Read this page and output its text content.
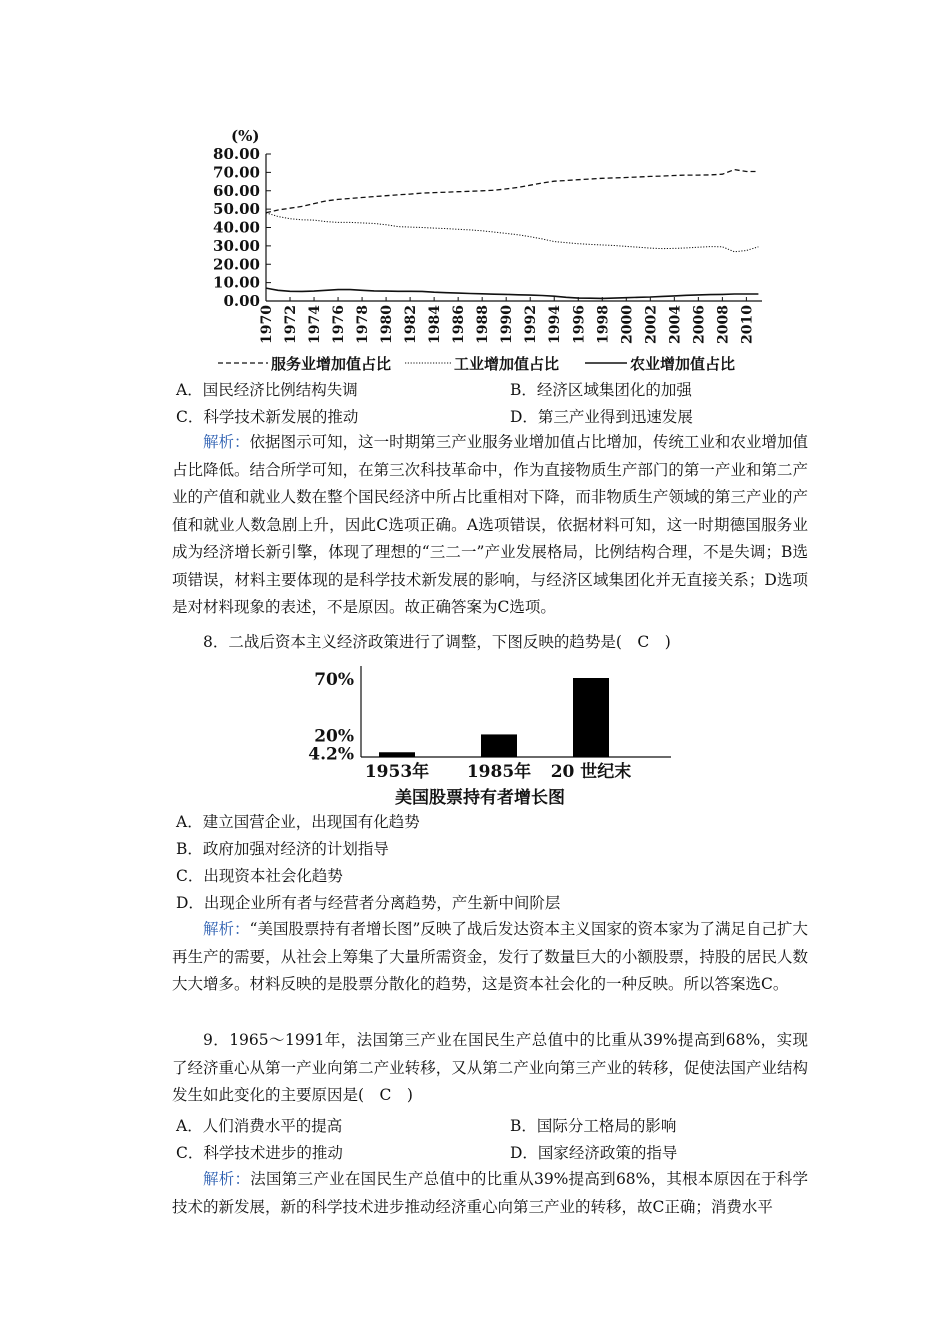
(%)
80.00
70.00
60.00
50.00
40.00
30.00
20.00
10.00
0.00
1970 1972 1974 1976 1978 1980 1982 1984 1986 1988 1990 1992 1994 1996 1998 2000 2002 2004 2006 2008 2010
服务业增加值占比	工业增加值占比	农业增加值占比
A．国民经济比例结构失调	B．经济区域集团化的加强
C．科学技术新发展的推动	D．第三产业得到迅速发展
解析：依据图示可知，这一时期第三产业服务业增加值占比增加，传统工业和农业增加值占比降低。结合所学可知，在第三次科技革命中，作为直接物质生产部门的第一产业和第二产业的产值和就业人数在整个国民经济中所占比重相对下降，而非物质生产领域的第三产业的产值和就业人数急剧上升，因此C选项正确。A选项错误，依据材料可知，这一时期德国服务业成为经济增长新引擎，体现了理想的“三二一”产业发展格局，比例结构合理，不是失调；B选项错误，材料主要体现的是科学技术新发展的影响，与经济区域集团化并无直接关系；D选项是对材料现象的表述，不是原因。故正确答案为C选项。
8．二战后资本主义经济政策进行了调整，下图反映的趋势是(　C　)
70%
20%
4.2%
1953年 1985年 20 世纪末
美国股票持有者增长图
A．建立国营企业，出现国有化趋势
B．政府加强对经济的计划指导
C．出现资本社会化趋势
D．出现企业所有者与经营者分离趋势，产生新中间阶层
解析：“美国股票持有者增长图”反映了战后发达资本主义国家的资本家为了满足自己扩大再生产的需要，从社会上筹集了大量所需资金，发行了数量巨大的小额股票，持股的居民人数大大增多。材料反映的是股票分散化的趋势，这是资本社会化的一种反映。所以答案选C。
9．1965～1991年，法国第三产业在国民生产总值中的比重从39%提高到68%，实现了经济重心从第一产业向第二产业转移，又从第二产业向第三产业的转移，促使法国产业结构发生如此变化的主要原因是(　C　)
A．人们消费水平的提高	B．国际分工格局的影响
C．科学技术进步的推动	D．国家经济政策的指导
解析：法国第三产业在国民生产总值中的比重从39%提高到68%，其根本原因在于科学技术的新发展，新的科学技术进步推动经济重心向第三产业的转移，故C正确；消费水平
